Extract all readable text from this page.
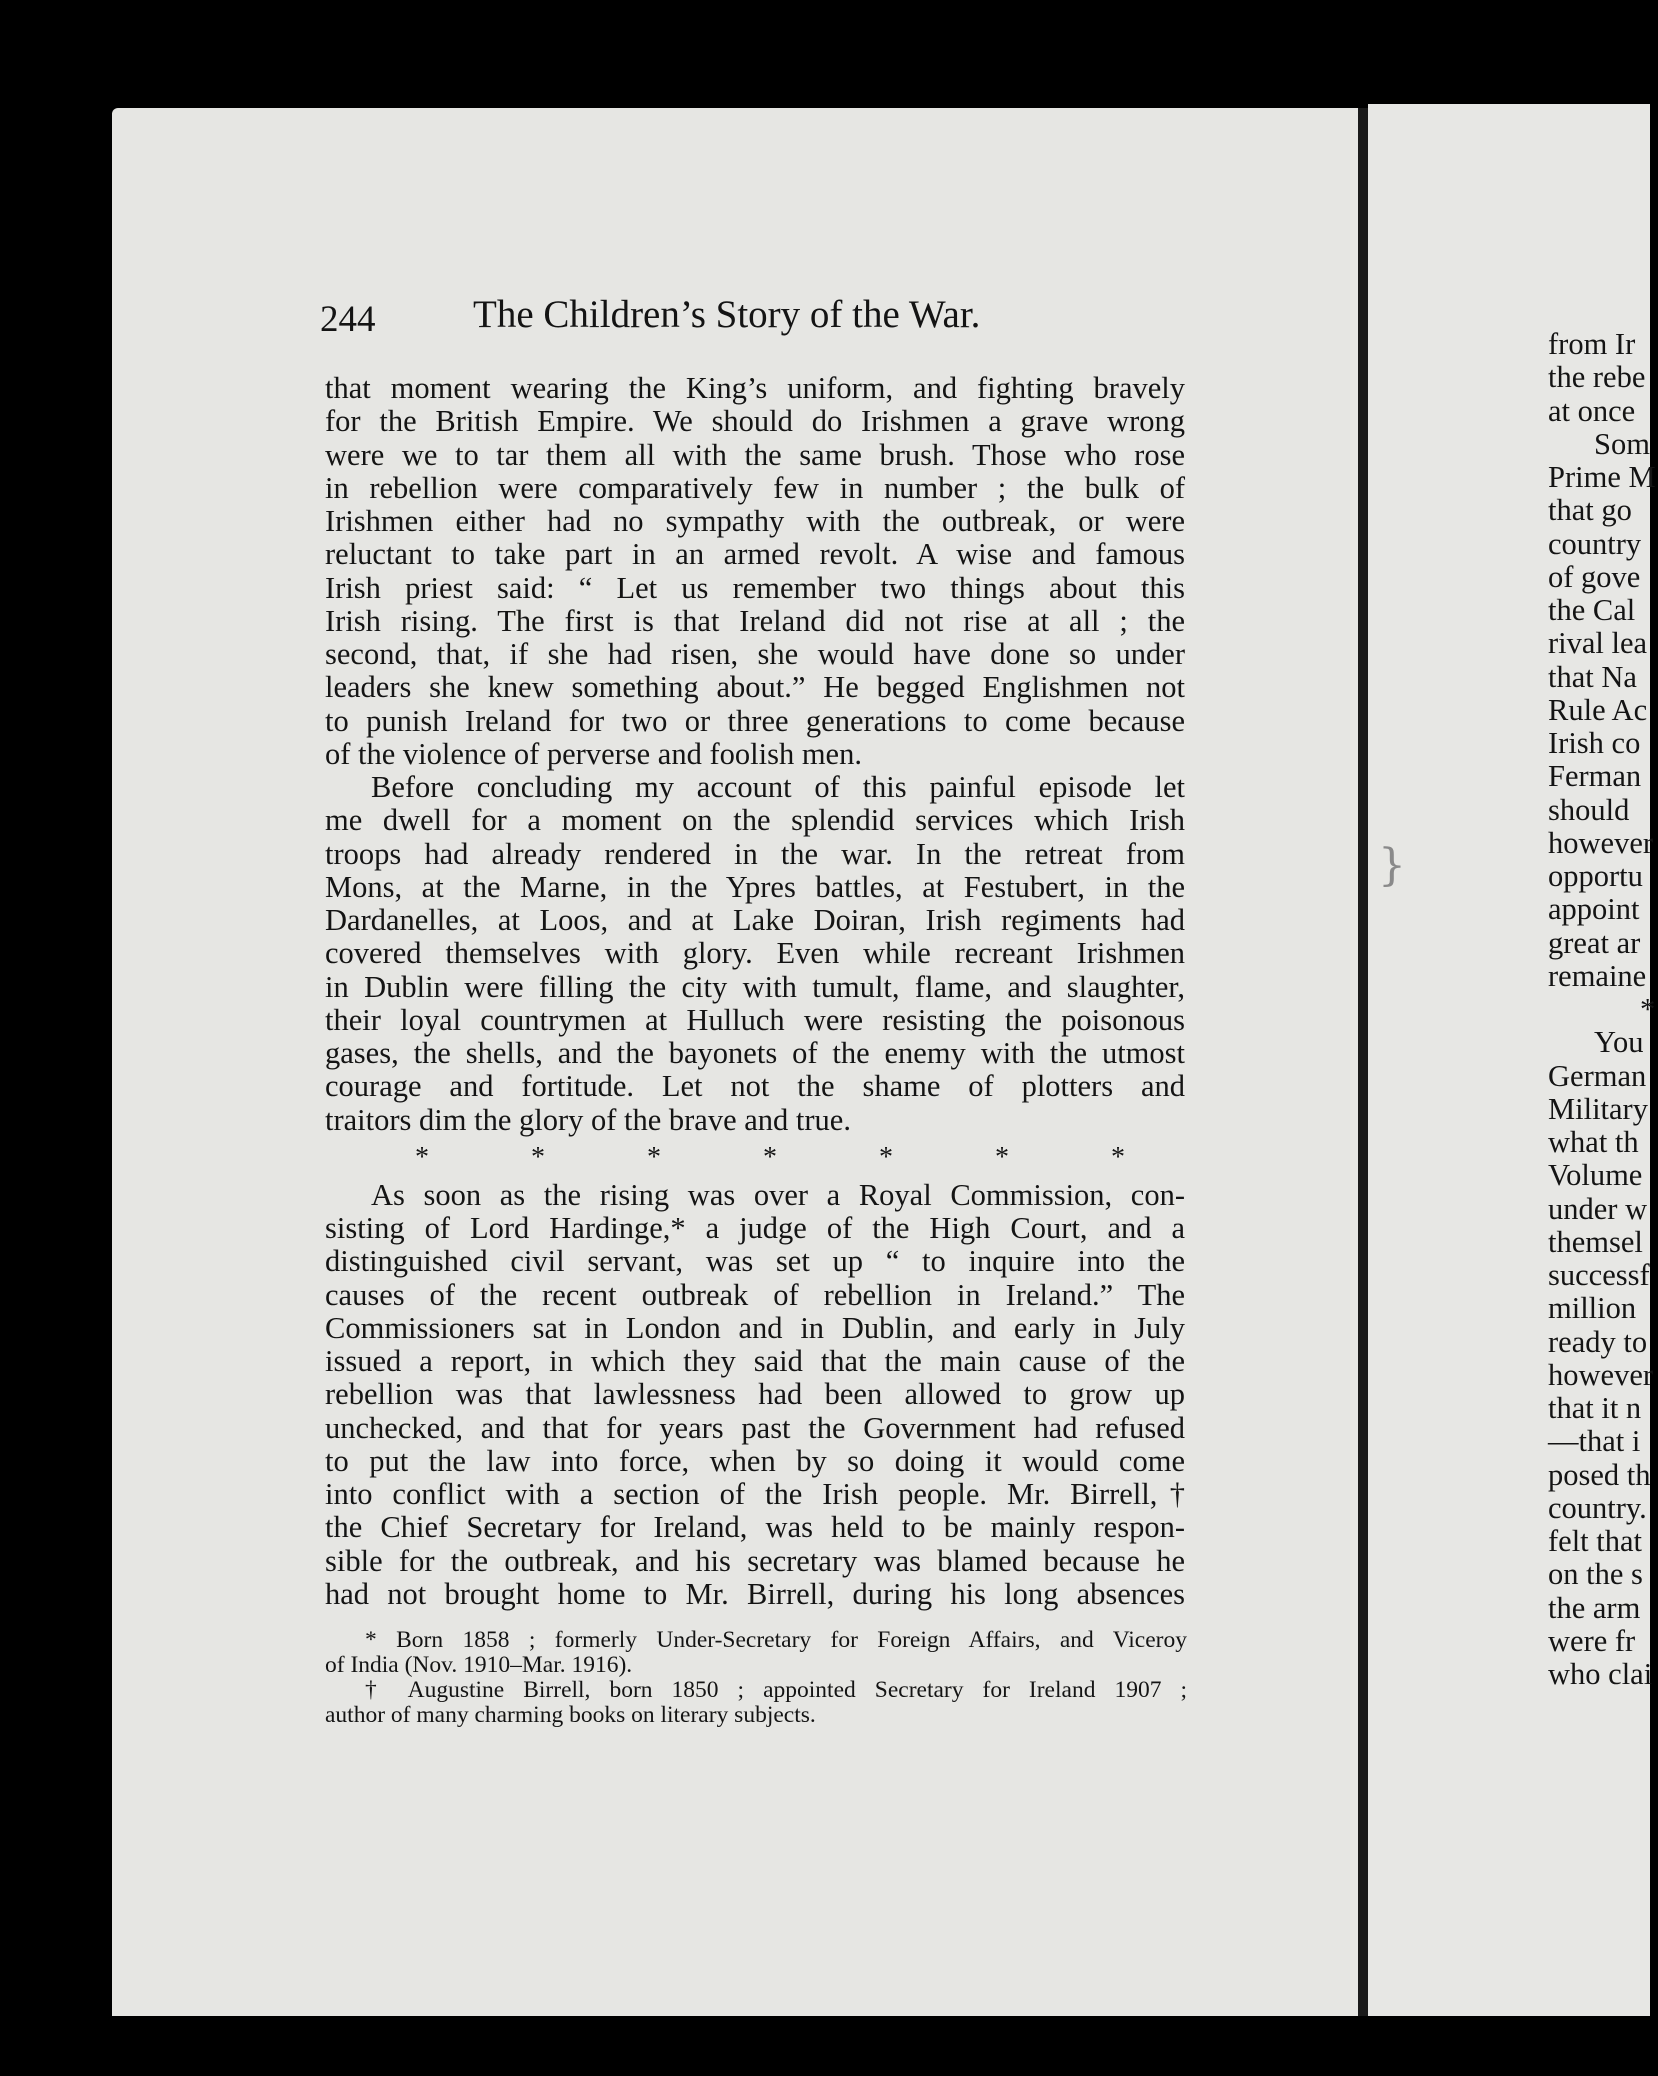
244	The Children’s Story of the War.
that moment wearing the King’s uniform, and fighting bravely
for the British Empire. We should do Irishmen a grave wrong
were we to tar them all with the same brush. Those who rose
in rebellion were comparatively few in number ; the bulk of
Irishmen either had no sympathy with the outbreak, or were
reluctant to take part in an armed revolt. A wise and famous
Irish priest said: “ Let us remember two things about this
Irish rising. The first is that Ireland did not rise at all ; the
second, that, if she had risen, she would have done so under
leaders she knew something about.” He begged Englishmen not
to punish Ireland for two or three generations to come because
of the violence of perverse and foolish men.
Before concluding my account of this painful episode let
me dwell for a moment on the splendid services which Irish
troops had already rendered in the war. In the retreat from
Mons, at the Marne, in the Ypres battles, at Festubert, in the
Dardanelles, at Loos, and at Lake Doiran, Irish regiments had
covered themselves with glory. Even while recreant Irishmen
in Dublin were filling the city with tumult, flame, and slaughter,
their loyal countrymen at Hulluch were resisting the poisonous
gases, the shells, and the bayonets of the enemy with the utmost
courage and fortitude. Let not the shame of plotters and
traitors dim the glory of the brave and true.
*	*	*	*	*	*	*
As soon as the rising was over a Royal Commission, con-
sisting of Lord Hardinge,* a judge of the High Court, and a
distinguished civil servant, was set up “ to inquire into the
causes of the recent outbreak of rebellion in Ireland.” The
Commissioners sat in London and in Dublin, and early in July
issued a report, in which they said that the main cause of the
rebellion was that lawlessness had been allowed to grow up
unchecked, and that for years past the Government had refused
to put the law into force, when by so doing it would come
into conflict with a section of the Irish people. Mr. Birrell,†
the Chief Secretary for Ireland, was held to be mainly respon-
sible for the outbreak, and his secretary was blamed because he
had not brought home to Mr. Birrell, during his long absences
* Born 1858 ; formerly Under-Secretary for Foreign Affairs, and Viceroy
of India (Nov. 1910–Mar. 1916).
† Augustine Birrell, born 1850 ; appointed Secretary for Ireland 1907 ;
author of many charming books on literary subjects.
from Ir
the rebe
at once
Som
Prime M
that go
country
of gove
the Cal
rival lea
that Na
Rule Ac
Irish co
Ferman
should
however
opportu
appoint
great ar
remaine
*
You
German
Military
what th
Volume
under w
themsel
successf
million
ready to
however
that it n
—that i
posed th
country.
felt that
on the s
the arm
were fr
who clai
}
